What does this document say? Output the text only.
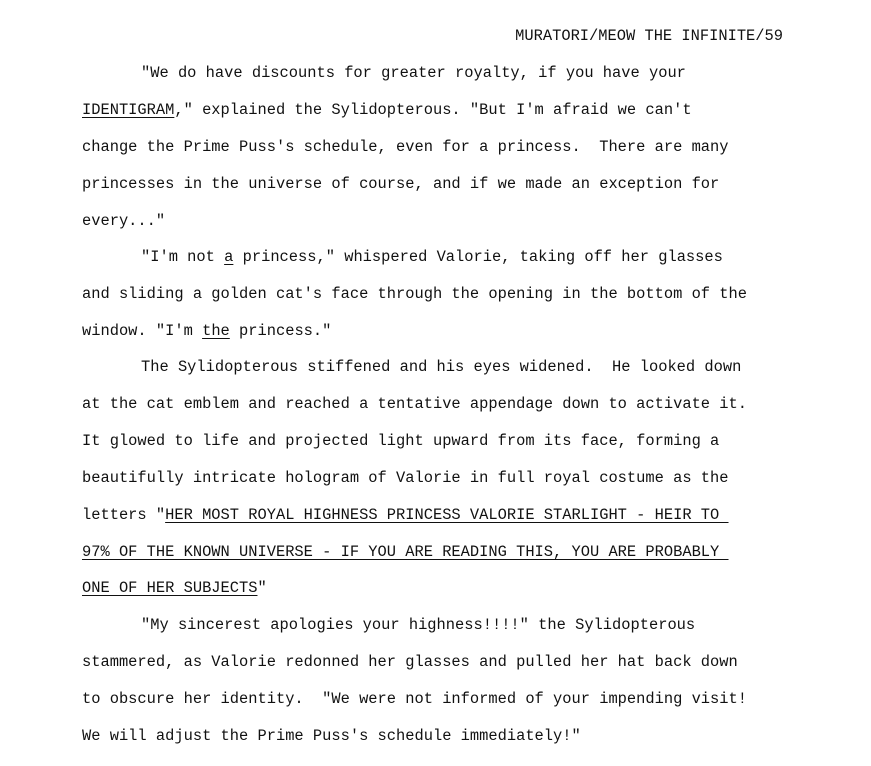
MURATORI/MEOW THE INFINITE/59
"We do have discounts for greater royalty, if you have your
IDENTIGRAM," explained the Sylidopterous. "But I'm afraid we can't
change the Prime Puss's schedule, even for a princess.  There are many
princesses in the universe of course, and if we made an exception for
every..."
"I'm not a princess," whispered Valorie, taking off her glasses
and sliding a golden cat's face through the opening in the bottom of the
window. "I'm the princess."
The Sylidopterous stiffened and his eyes widened.  He looked down
at the cat emblem and reached a tentative appendage down to activate it.
It glowed to life and projected light upward from its face, forming a
beautifully intricate hologram of Valorie in full royal costume as the
letters "HER MOST ROYAL HIGHNESS PRINCESS VALORIE STARLIGHT - HEIR TO
97% OF THE KNOWN UNIVERSE - IF YOU ARE READING THIS, YOU ARE PROBABLY
ONE OF HER SUBJECTS"
"My sincerest apologies your highness!!!!" the Sylidopterous
stammered, as Valorie redonned her glasses and pulled her hat back down
to obscure her identity.  "We were not informed of your impending visit!
We will adjust the Prime Puss's schedule immediately!"
